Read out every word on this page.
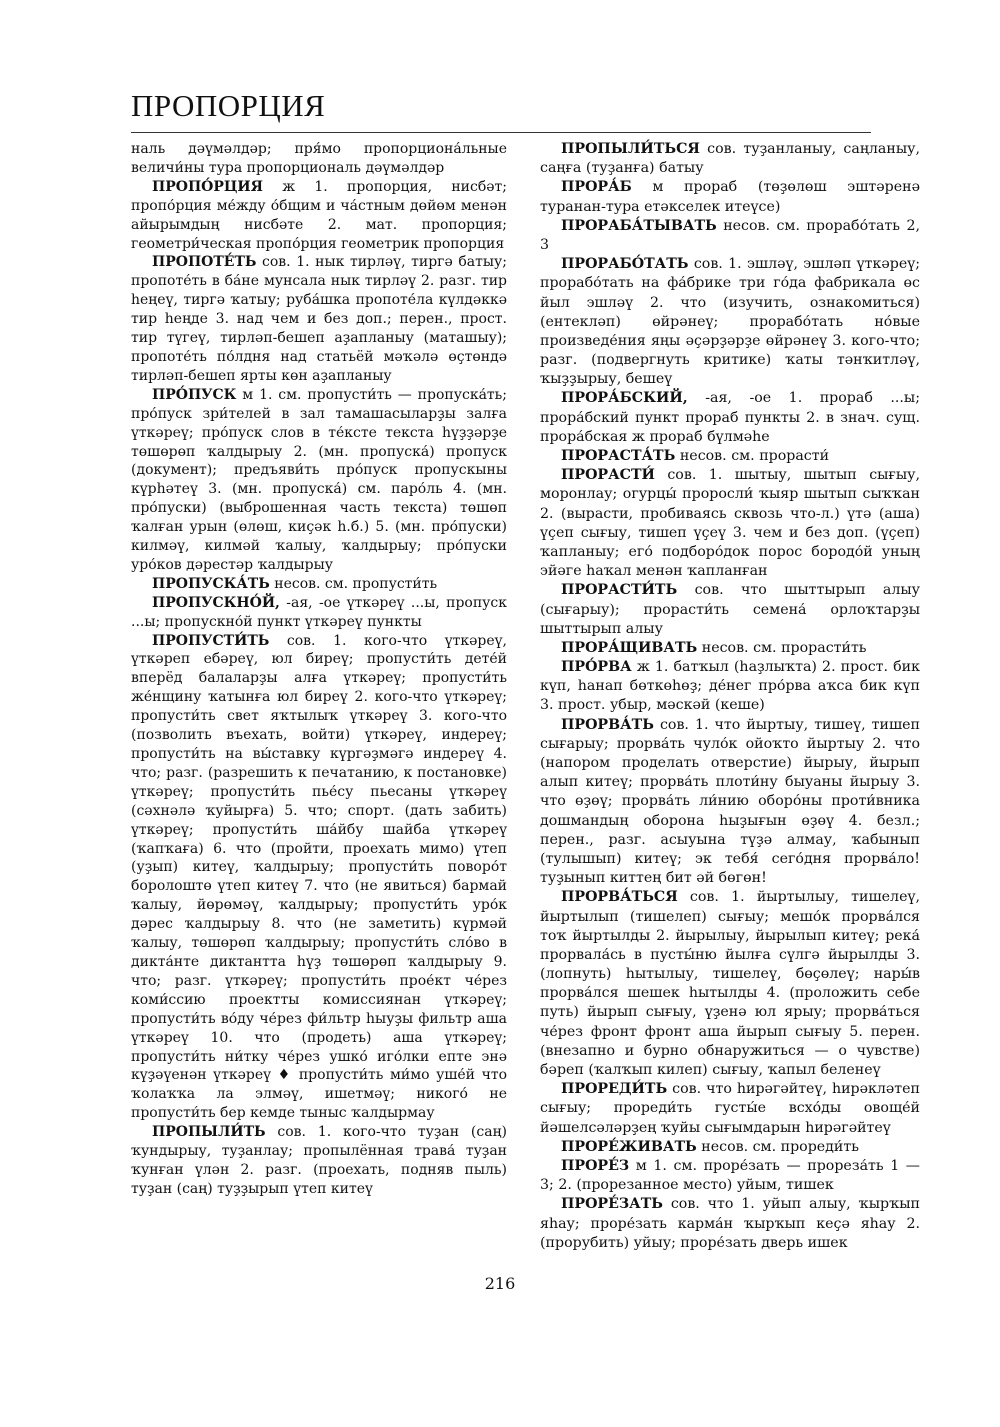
ПРОПОРЦИЯ

наль дәүмәлдәр; пря́мо пропорциона́льные величи́ны тура пропорциональ дәүмәлдәр

ПРОПО́РЦИЯ ж 1. пропорция, нисбәт; пропо́рция ме́жду о́бщим и ча́стным дөйөм менән айырымдың нисбәте 2. мат. пропорция; геометри́ческая пропо́рция геометрик пропорция

ПРОПОТЕ́ТЬ сов. 1. нык тирләү, тиргә батыу; пропоте́ть в ба́не мунсала нык тирләү 2. разг. тир һеңеү, тиргә ҡатыу; руба́шка пропоте́ла күлдәккә тир һеңде 3. над чем и без доп.; перен., прост. тир түгеү, тирләп-бешеп аҙапланыу (маташыу); пропоте́ть по́лдня над статьёй мәҡәлә өҫтөндә тирләп-бешеп ярты көн аҙапланыу

ПРО́ПУСК м 1. см. пропусти́ть — пропуска́ть; про́пуск зри́телей в зал тамашасыларҙы залға үткәреү; про́пуск слов в те́ксте текста һүҙҙәрҙе төшөрөп ҡалдырыу 2. (мн. пропуска́) пропуск (документ); предъяви́ть про́пуск пропускыны күрһәтеү 3. (мн. пропуска́) см. паро́ль 4. (мн. про́пуски) (выброшенная часть текста) төшөп ҡалған урын (өлөш, киҫәк һ.б.) 5. (мн. про́пуски) килмәү, килмәй ҡалыу, ҡалдырыу; про́пуски уро́ков дәрестәр ҡалдырыу

ПРОПУСКА́ТЬ несов. см. пропусти́ть

ПРОПУСКНО́Й, -ая, -ое үткәреү ...ы, пропуск ...ы; пропускно́й пункт үткәреү пункты

ПРОПУСТИ́ТЬ сов. 1. кого-что үткәреү, үткәреп ебәреү, юл биреү; пропусти́ть дете́й вперёд балаларҙы алға үткәреү; пропусти́ть же́нщину ҡатынға юл биреү 2. кого-что үткәреү; пропусти́ть свет яҡтылыҡ үткәреү 3. кого-что (позволить въехать, войти) үткәреү, индереү; пропусти́ть на вы́ставку күргәҙмәгә индереү 4. что; разг. (разрешить к печатанию, к постановке) үткәреү; пропусти́ть пье́су пьесаны үткәреү (сәхнәлә ҡуйырға) 5. что; спорт. (дать забить) үткәреү; пропусти́ть ша́йбу шайба үткәреү (ҡапҡаға) 6. что (пройти, проехать мимо) үтеп (уҙып) китеү, ҡалдырыу; пропусти́ть поворо́т боролоштө үтеп китеү 7. что (не явиться) бармай ҡалыу, йөрөмәү, ҡалдырыу; пропусти́ть уро́к дәрес ҡалдырыу 8. что (не заметить) күрмәй ҡалыу, төшөрөп ҡалдырыу; пропусти́ть сло́во в дикта́нте диктантта һүҙ төшөрөп ҡалдырыу 9. что; разг. үткәреү; пропусти́ть прое́кт че́рез коми́ссию проектты комиссиянан үткәреү; пропусти́ть во́ду че́рез фи́льтр һыуҙы фильтр аша үткәреү 10. что (продеть) аша үткәреү; пропусти́ть ни́тку че́рез ушко́ иго́лки епте энә күҙәүенән үткәреү ♦ пропусти́ть ми́мо уше́й что ҡолаҡҡа ла элмәү, ишетмәү; никого́ не пропусти́ть бер кемде тыныс ҡалдырмау

ПРОПЫЛИ́ТЬ сов. 1. кого-что туҙан (саң) ҡундырыу, туҙанлау; пропылённая трава́ туҙан ҡунған үлән 2. разг. (проехать, подняв пыль) туҙан (саң) туҙҙырып үтеп китеү

ПРОПЫЛИ́ТЬСЯ сов. туҙанланыу, саңланыу, саңға (туҙанға) батыу

ПРОРА́Б м прораб (төҙөлөш эштәренә туранан-тура етәкселек итеүсе)

ПРОРАБА́ТЫВАТЬ несов. см. прорабо́тать 2, 3

ПРОРАБО́ТАТЬ сов. 1. эшләү, эшләп үткәреү; прорабо́тать на фа́брике три го́да фабрикала өс йыл эшләү 2. что (изучить, ознакомиться) (ентекләп) өйрәнеү; прорабо́тать но́вые произведе́ния яңы әҫәрҙәрҙе өйрәнеү 3. кого-что; разг. (подвергнуть критике) ҡаты тәнҡитләү, ҡыҙҙырыу, бешеү

ПРОРА́БСКИЙ, -ая, -ое 1. прораб ...ы; прора́бский пункт прораб пункты 2. в знач. сущ. прора́бская ж прораб бүлмәһе

ПРОРАСТА́ТЬ несов. см. прорасти́

ПРОРАСТИ́ сов. 1. шытыу, шытып сығыу, моронлау; огурцы́ проросли́ ҡыяр шытып сыҡҡан 2. (вырасти, пробиваясь сквозь что-л.) үтә (аша) үҫеп сығыу, тишеп үҫеү 3. чем и без доп. (үҫеп) ҡапланыу; его́ подборо́док порос бородо́й уның эйәге һаҡал менән ҡапланған

ПРОРАСТИ́ТЬ сов. что шыттырып алыу (сығарыу); прорасти́ть семена́ орлоҡтарҙы шыттырып алыу

ПРОРА́ЩИВАТЬ несов. см. прорасти́ть

ПРО́РВА ж 1. батҡыл (һаҙлыҡта) 2. прост. бик күп, һанап бөткөһөҙ; де́нег про́рва аҡса бик күп 3. прост. убыр, мәскәй (кеше)

ПРОРВА́ТЬ сов. 1. что йыртыу, тишеү, тишеп сығарыу; прорва́ть чуло́к ойоҡто йыртыу 2. что (напором проделать отверстие) йырыу, йырып алып китеү; прорва́ть плоти́ну быуаны йырыу 3. что өҙөү; прорва́ть ли́нию оборо́ны проти́вника дошмандың оборона һыҙығын өҙөү 4. безл.; перен., разг. асыуына түҙә алмау, ҡабынып (тулышып) китеү; эк тебя́ сего́дня прорва́ло! туҙынып киттең бит әй бөгөн!

ПРОРВА́ТЬСЯ сов. 1. йыртылыу, тишелеү, йыртылып (тишелеп) сығыу; мешо́к прорва́лся тоҡ йыртылды 2. йырылыу, йырылып китеү; река́ прорвала́сь в пусты́ню йылға сүлгә йырылды 3. (лопнуть) һытылыу, тишелеү, бөҫөлеү; нары́в прорва́лся шешек һытылды 4. (проложить себе путь) йырып сығыу, үҙенә юл ярыу; прорва́ться че́рез фронт фронт аша йырып сығыу 5. перен. (внезапно и бурно обнаружиться — о чувстве) бәреп (ҡалҡып килеп) сығыу, ҡапыл беленеү

ПРОРЕДИ́ТЬ сов. что һирәгәйтеү, һирәкләтеп сығыу; прореди́ть густы́е всхо́ды овоще́й йәшелсәләрҙең ҡуйы сығымдарын һирәгәйтеү

ПРОРЕ́ЖИВАТЬ несов. см. прореди́ть

ПРОРЕ́З м 1. см. проре́зать — прореза́ть 1 — 3; 2. (прорезанное место) уйым, тишек

ПРОРЕ́ЗАТЬ сов. что 1. уйып алыу, ҡырҡып яһау; проре́зать карма́н ҡырҡып кеҫә яһау 2. (прорубить) уйыу; проре́зать дверь ишек

216
